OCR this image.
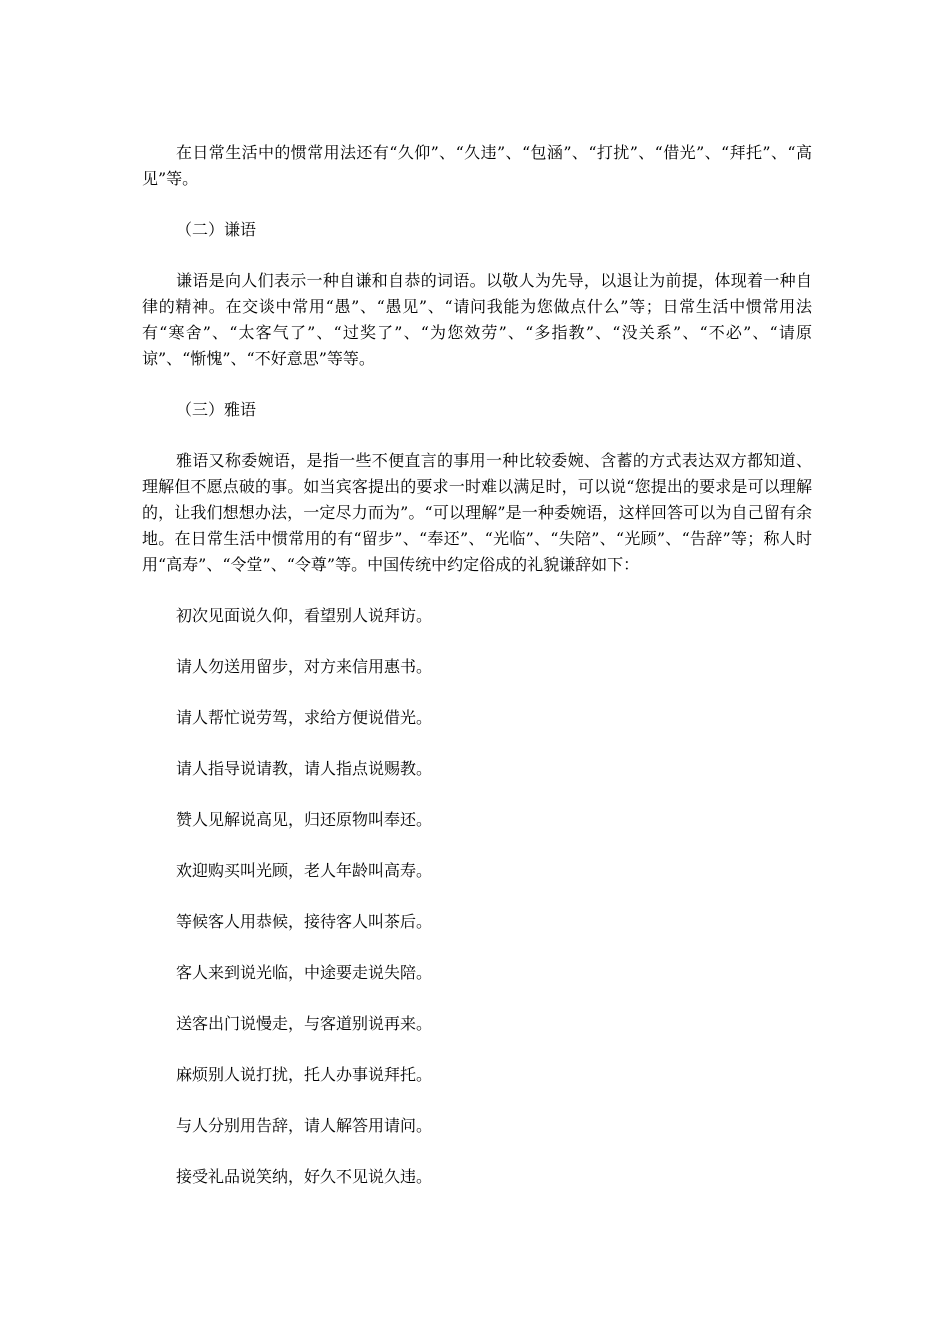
在日常生活中的惯常用法还有“久仰”、“久违”、“包涵”、“打扰”、“借光”、“拜托”、“高见”等。

（二）谦语

谦语是向人们表示一种自谦和自恭的词语。以敬人为先导，以退让为前提，体现着一种自律的精神。在交谈中常用“愚”、“愚见”、“请问我能为您做点什么”等；日常生活中惯常用法有“寒舍”、“太客气了”、“过奖了”、“为您效劳”、“多指教”、“没关系”、“不必”、“请原谅”、“惭愧”、“不好意思”等等。

（三）雅语

雅语又称委婉语，是指一些不便直言的事用一种比较委婉、含蓄的方式表达双方都知道、理解但不愿点破的事。如当宾客提出的要求一时难以满足时，可以说“您提出的要求是可以理解的，让我们想想办法，一定尽力而为”。“可以理解”是一种委婉语，这样回答可以为自己留有余地。在日常生活中惯常用的有“留步”、“奉还”、“光临”、“失陪”、“光顾”、“告辞”等；称人时用“高寿”、“令堂”、“令尊”等。中国传统中约定俗成的礼貌谦辞如下：

初次见面说久仰，看望别人说拜访。
请人勿送用留步，对方来信用惠书。
请人帮忙说劳驾，求给方便说借光。
请人指导说请教，请人指点说赐教。
赞人见解说高见，归还原物叫奉还。
欢迎购买叫光顾，老人年龄叫高寿。
等候客人用恭候，接待客人叫茶后。
客人来到说光临，中途要走说失陪。
送客出门说慢走，与客道别说再来。
麻烦别人说打扰，托人办事说拜托。
与人分别用告辞，请人解答用请问。
接受礼品说笑纳，好久不见说久违。
